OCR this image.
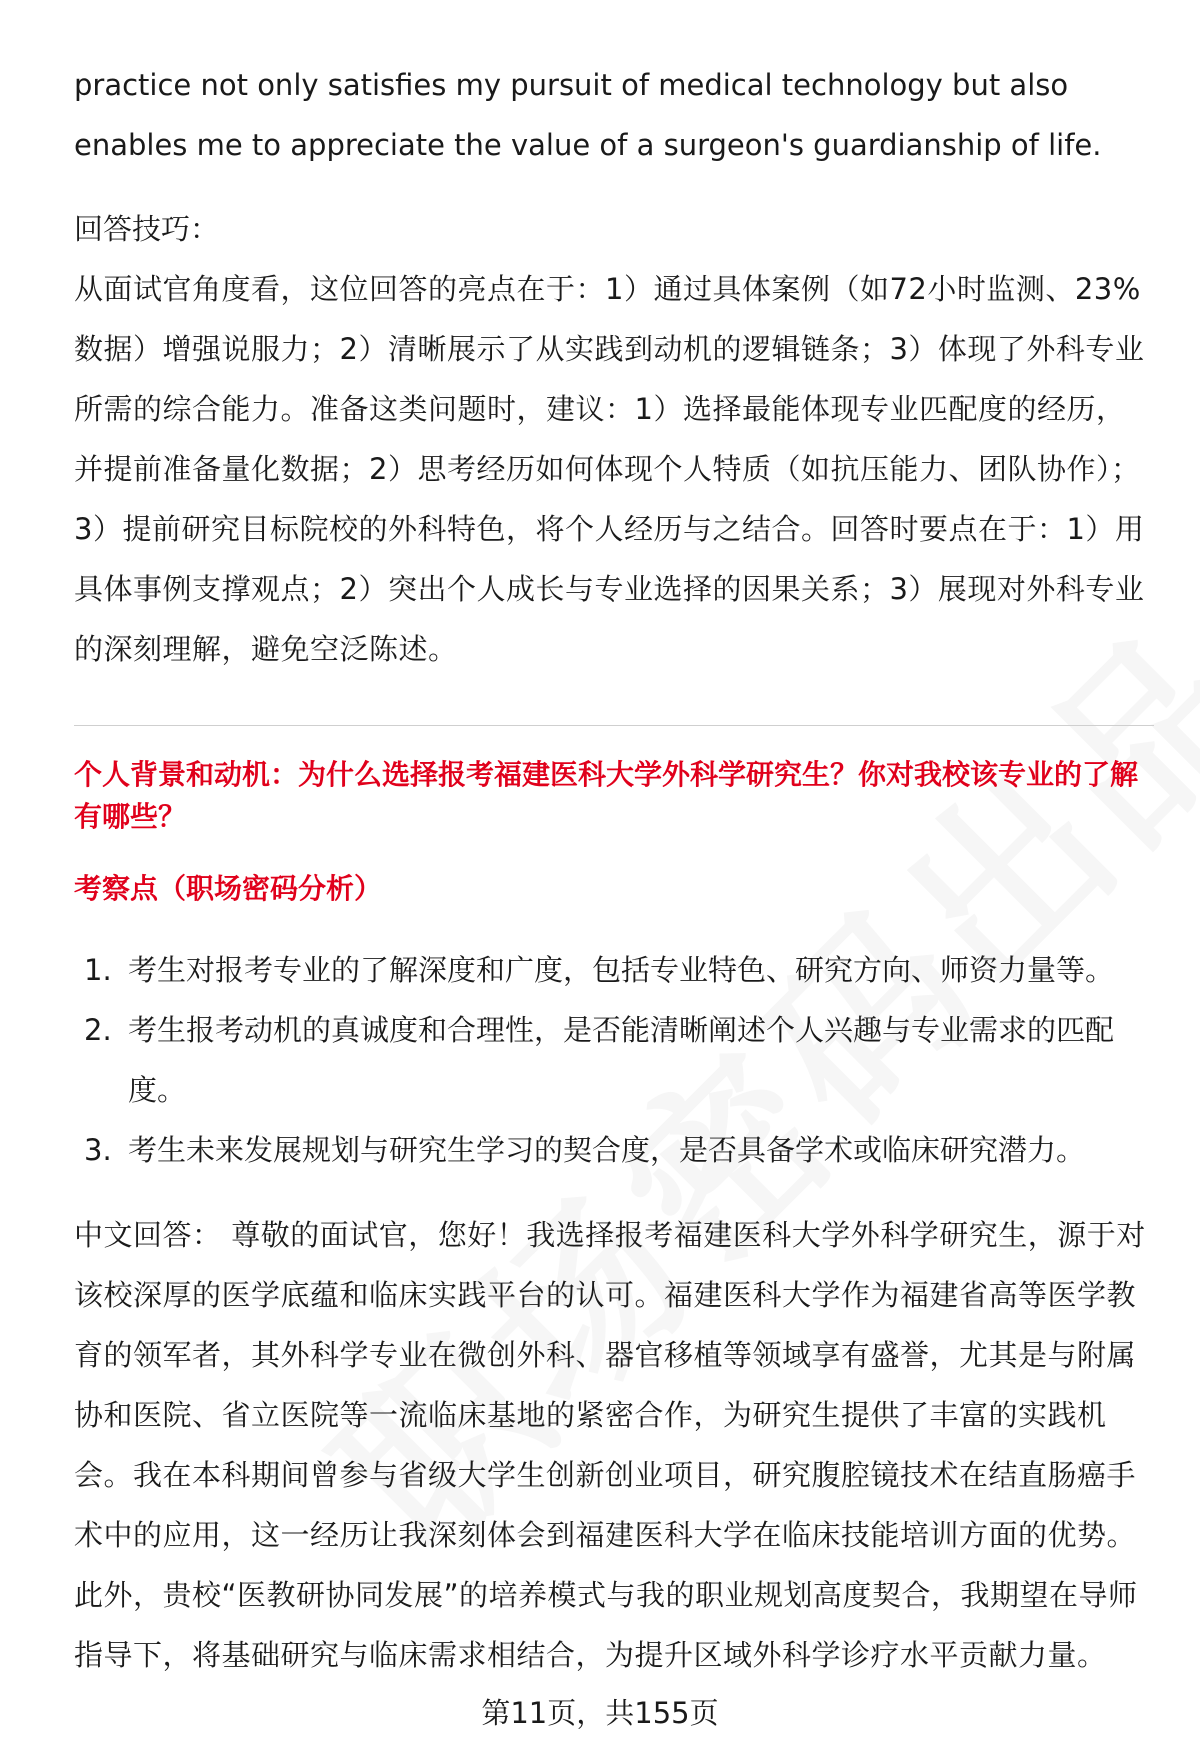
practice not only satisfies my pursuit of medical technology but also

enables me to appreciate the value of a surgeon's guardianship of life.

回答技巧：
从面试官角度看，这位回答的亮点在于：1）通过具体案例（如72小时监测、23%数据）增强说服力；2）清晰展示了从实践到动机的逻辑链条；3）体现了外科专业所需的综合能力。准备这类问题时，建议：1）选择最能体现专业匹配度的经历，并提前准备量化数据；2）思考经历如何体现个人特质（如抗压能力、团队协作）；3）提前研究目标院校的外科特色，将个人经历与之结合。回答时要点在于：1）用具体事例支撑观点；2）突出个人成长与专业选择的因果关系；3）展现对外科专业的深刻理解，避免空泛陈述。
个人背景和动机：为什么选择报考福建医科大学外科学研究生？你对我校该专业的了解有哪些？
考察点（职场密码分析）
1. 考生对报考专业的了解深度和广度，包括专业特色、研究方向、师资力量等。
2. 考生报考动机的真诚度和合理性，是否能清晰阐述个人兴趣与专业需求的匹配度。
3. 考生未来发展规划与研究生学习的契合度，是否具备学术或临床研究潜力。
中文回答： 尊敬的面试官，您好！我选择报考福建医科大学外科学研究生，源于对该校深厚的医学底蕴和临床实践平台的认可。福建医科大学作为福建省高等医学教育的领军者，其外科学专业在微创外科、器官移植等领域享有盛誉，尤其是与附属协和医院、省立医院等一流临床基地的紧密合作，为研究生提供了丰富的实践机会。我在本科期间曾参与省级大学生创新创业项目，研究腹腔镜技术在结直肠癌手术中的应用，这一经历让我深刻体会到福建医科大学在临床技能培训方面的优势。此外，贵校“医教研协同发展”的培养模式与我的职业规划高度契合，我期望在导师指导下，将基础研究与临床需求相结合，为提升区域外科学诊疗水平贡献力量。
第11页，共155页
